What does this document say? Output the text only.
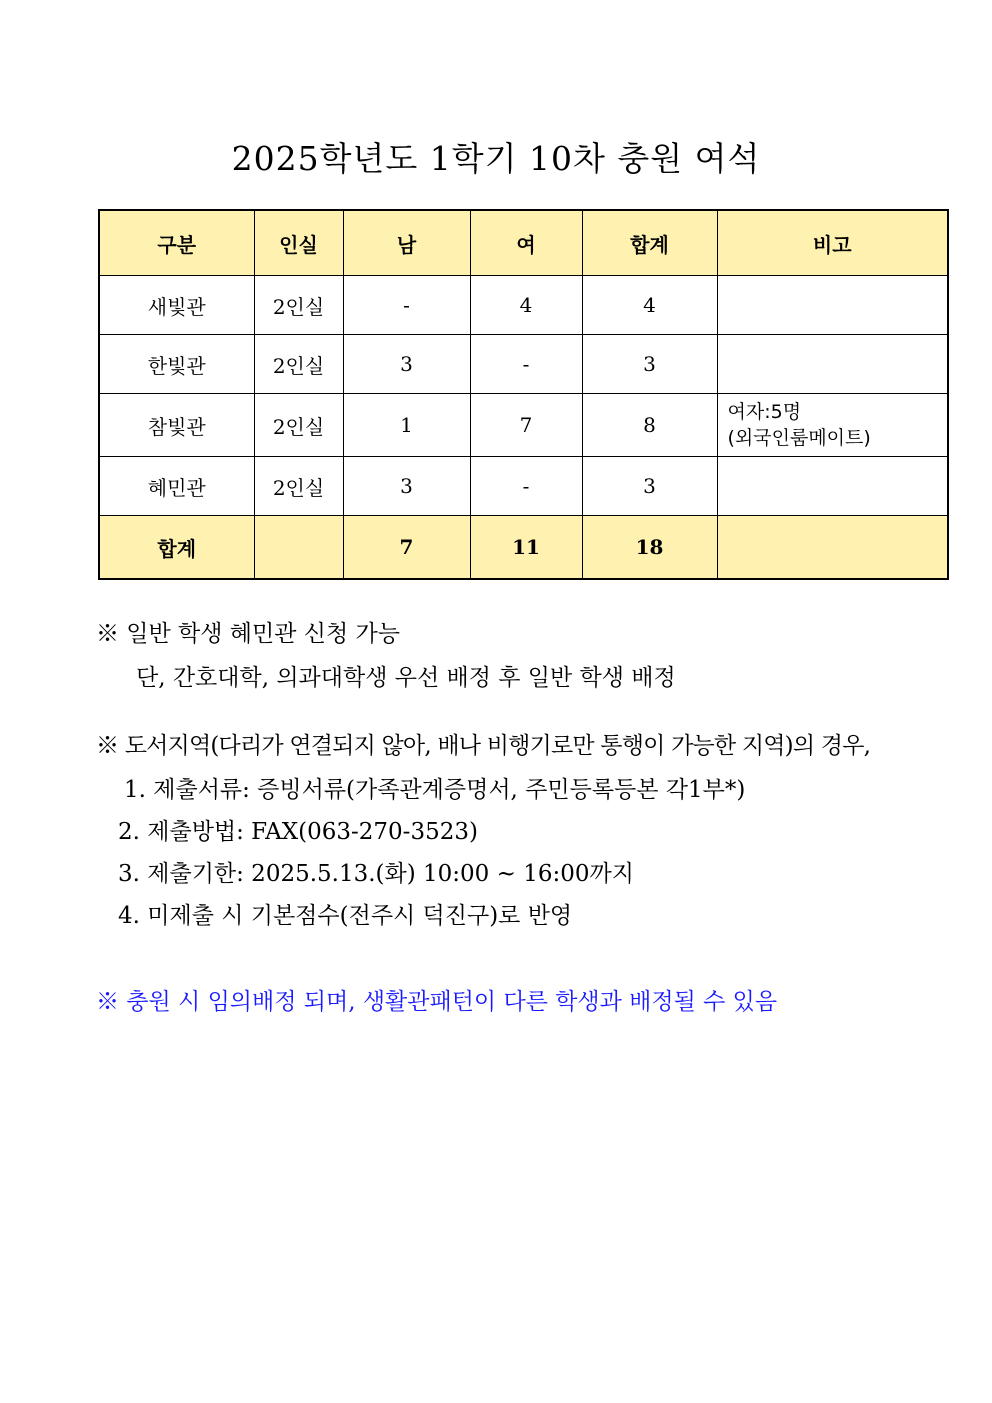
2025학년도 1학기 10차 충원 여석
구분	인실	남	여	합계	비고
새빛관	2인실	-	4	4	
한빛관	2인실	3	-	3	
참빛관	2인실	1	7	8	여자:5명
(외국인룸메이트)

혜민관	2인실	3	-	3	
합계		7	11	18	
※ 일반 학생 혜민관 신청 가능
단, 간호대학, 의과대학생 우선 배정 후 일반 학생 배정
※ 도서지역(다리가 연결되지 않아, 배나 비행기로만 통행이 가능한 지역)의 경우,
1. 제출서류: 증빙서류(가족관계증명서, 주민등록등본 각1부*)
2. 제출방법: FAX(063-270-3523)
3. 제출기한: 2025.5.13.(화) 10:00 ~ 16:00까지
4. 미제출 시 기본점수(전주시 덕진구)로 반영
※ 충원 시 임의배정 되며, 생활관패턴이 다른 학생과 배정될 수 있음
